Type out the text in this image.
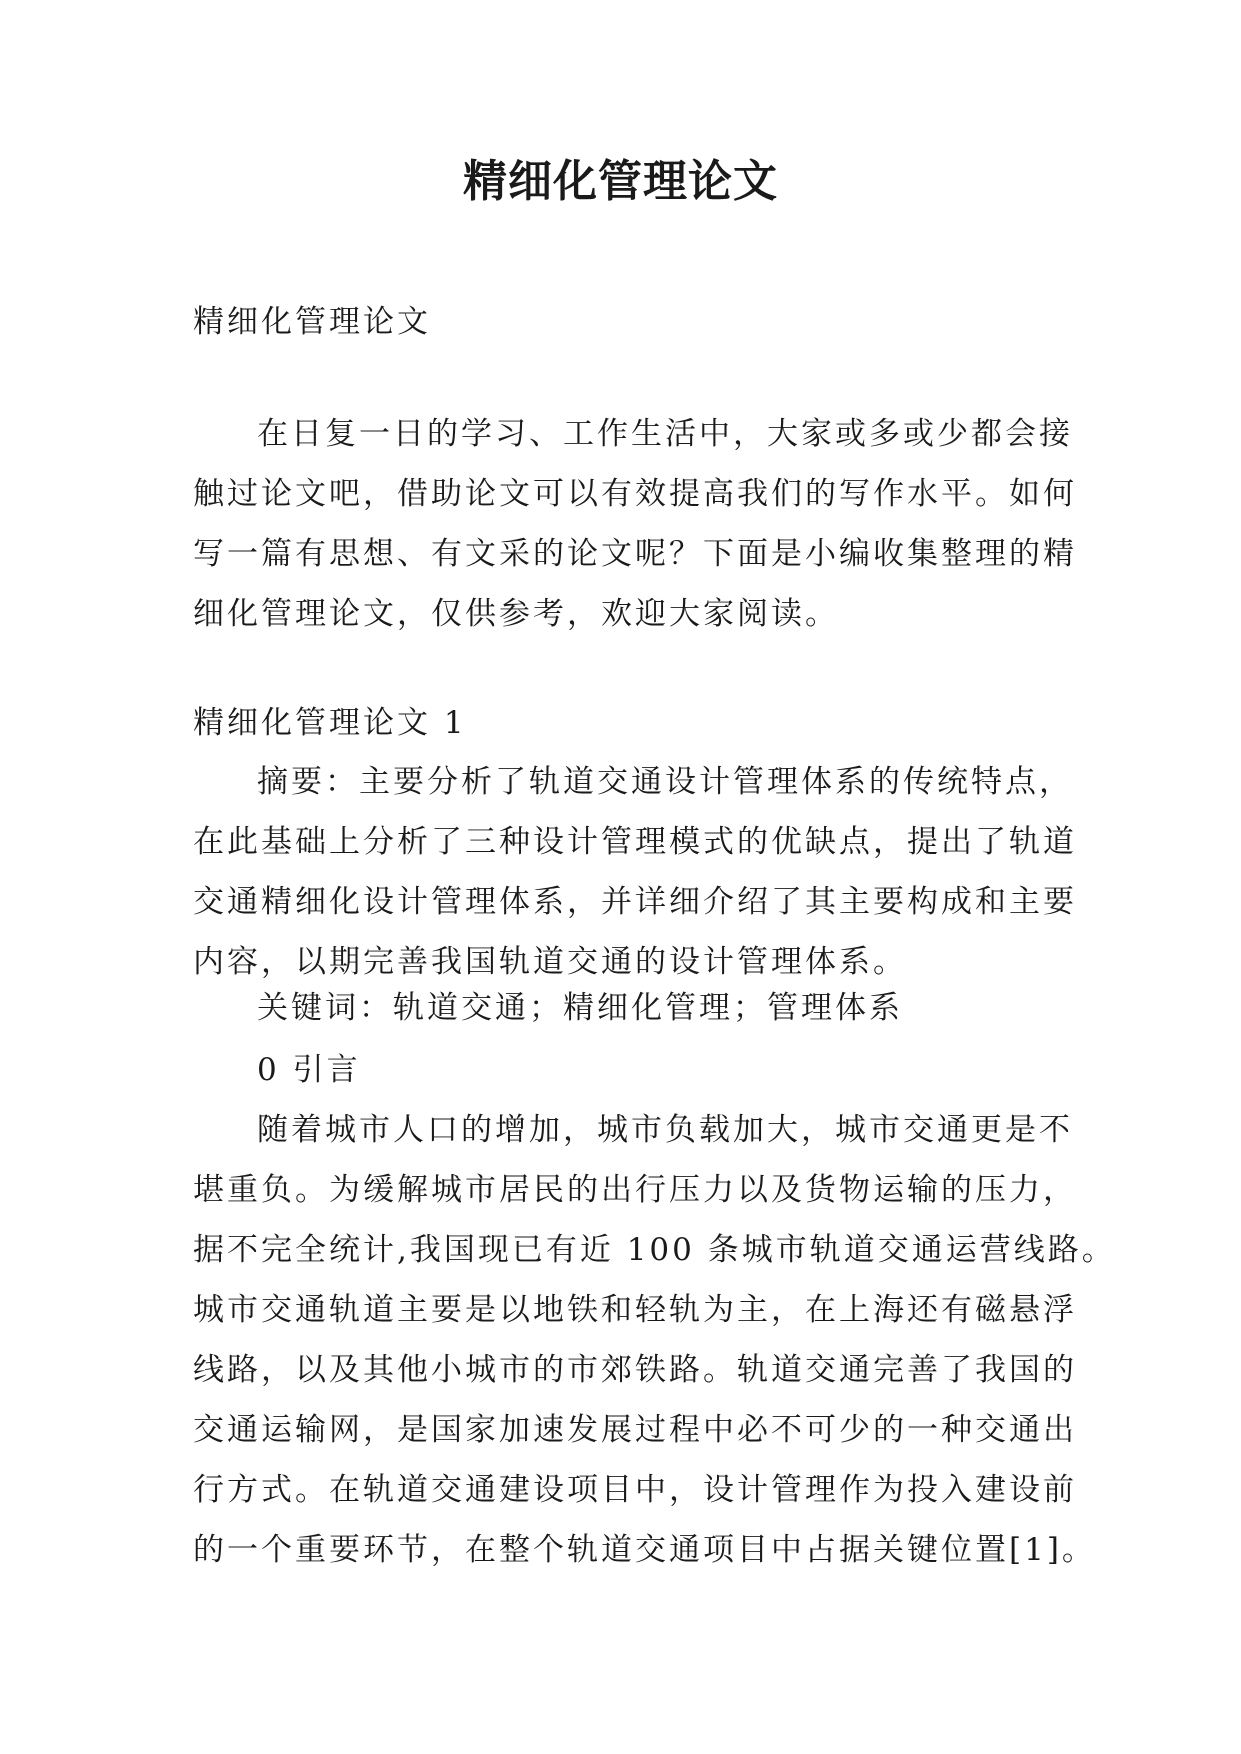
精细化管理论文
精细化管理论文
在日复一日的学习、工作生活中，大家或多或少都会接
触过论文吧，借助论文可以有效提高我们的写作水平。如何
写一篇有思想、有文采的论文呢？下面是小编收集整理的精
细化管理论文，仅供参考，欢迎大家阅读。
精细化管理论文 1
摘要：主要分析了轨道交通设计管理体系的传统特点，
在此基础上分析了三种设计管理模式的优缺点，提出了轨道
交通精细化设计管理体系，并详细介绍了其主要构成和主要
内容，以期完善我国轨道交通的设计管理体系。
关键词：轨道交通；精细化管理；管理体系
0 引言
随着城市人口的增加，城市负载加大，城市交通更是不
堪重负。为缓解城市居民的出行压力以及货物运输的压力，
据不完全统计,我国现已有近 100 条城市轨道交通运营线路。
城市交通轨道主要是以地铁和轻轨为主，在上海还有磁悬浮
线路，以及其他小城市的市郊铁路。轨道交通完善了我国的
交通运输网，是国家加速发展过程中必不可少的一种交通出
行方式。在轨道交通建设项目中，设计管理作为投入建设前
的一个重要环节，在整个轨道交通项目中占据关键位置[1]。
